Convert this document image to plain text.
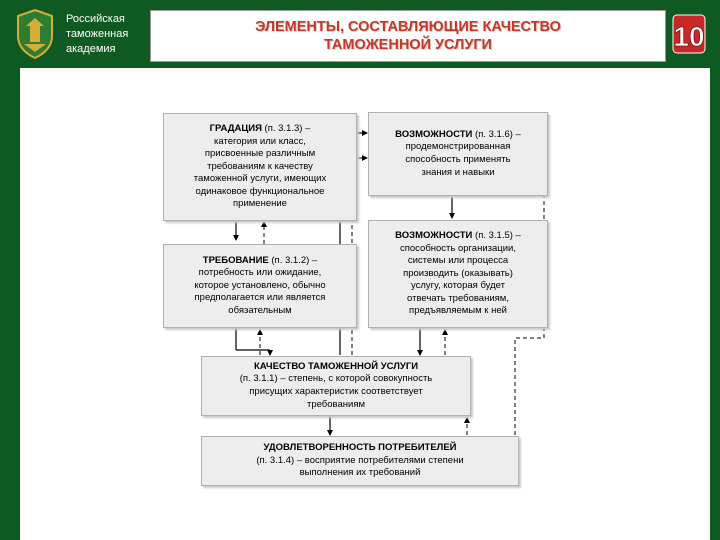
Российская
таможенная
академия
ЭЛЕМЕНТЫ, СОСТАВЛЯЮЩИЕ КАЧЕСТВО
ТАМОЖЕННОЙ УСЛУГИ	10
ГРАДАЦИЯ (п. 3.1.3) –
категория или класс,
присвоенные различным
требованиям к качеству
таможенной услуги, имеющих
одинаковое функциональное
применение
ТРЕБОВАНИЕ (п. 3.1.2) –
потребность или ожидание,
которое установлено, обычно
предполагается или является
обязательным
ВОЗМОЖНОСТИ (п. 3.1.6) –
продемонстрированная
способность применять
знания и навыки
ВОЗМОЖНОСТИ (п. 3.1.5) –
способность организации,
системы или процесса
производить (оказывать)
услугу, которая будет
отвечать требованиям,
предъявляемым к ней
КАЧЕСТВО ТАМОЖЕННОЙ УСЛУГИ
(п. 3.1.1) – степень, с которой совокупность
присущих характеристик соответствует
требованиям
УДОВЛЕТВОРЕННОСТЬ ПОТРЕБИТЕЛЕЙ
(п. 3.1.4) – восприятие потребителями степени
выполнения их требований
